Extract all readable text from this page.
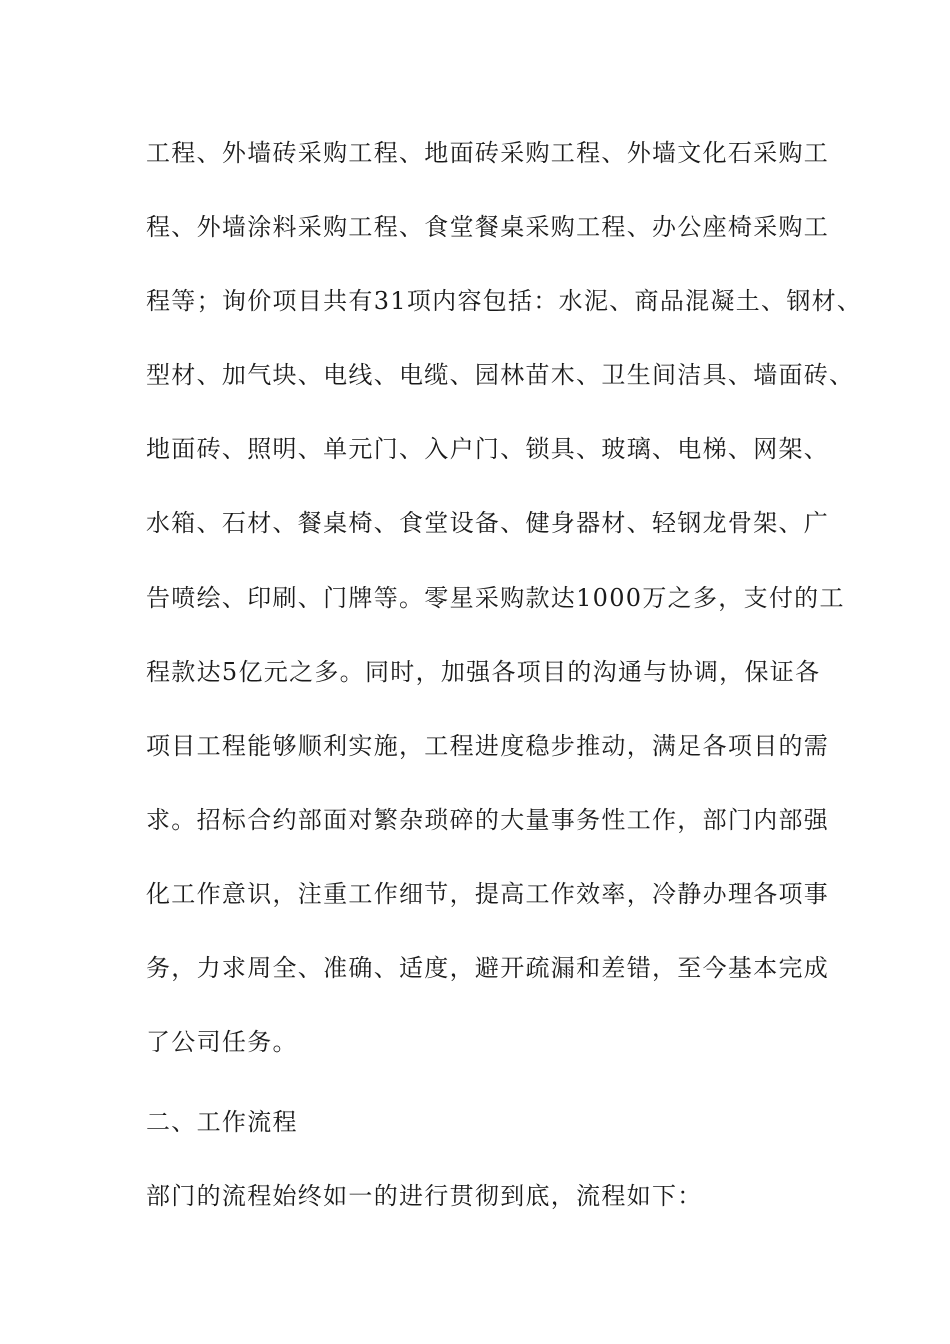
工程、外墙砖采购工程、地面砖采购工程、外墙文化石采购工
程、外墙涂料采购工程、食堂餐桌采购工程、办公座椅采购工
程等；询价项目共有31项内容包括：水泥、商品混凝土、钢材、
型材、加气块、电线、电缆、园林苗木、卫生间洁具、墙面砖、
地面砖、照明、单元门、入户门、锁具、玻璃、电梯、网架、
水箱、石材、餐桌椅、食堂设备、健身器材、轻钢龙骨架、广
告喷绘、印刷、门牌等。零星采购款达1000万之多，支付的工
程款达5亿元之多。同时，加强各项目的沟通与协调，保证各
项目工程能够顺利实施，工程进度稳步推动，满足各项目的需
求。招标合约部面对繁杂琐碎的大量事务性工作，部门内部强
化工作意识，注重工作细节，提高工作效率，冷静办理各项事
务，力求周全、准确、适度，避开疏漏和差错，至今基本完成
了公司任务。
二、工作流程
部门的流程始终如一的进行贯彻到底，流程如下：
